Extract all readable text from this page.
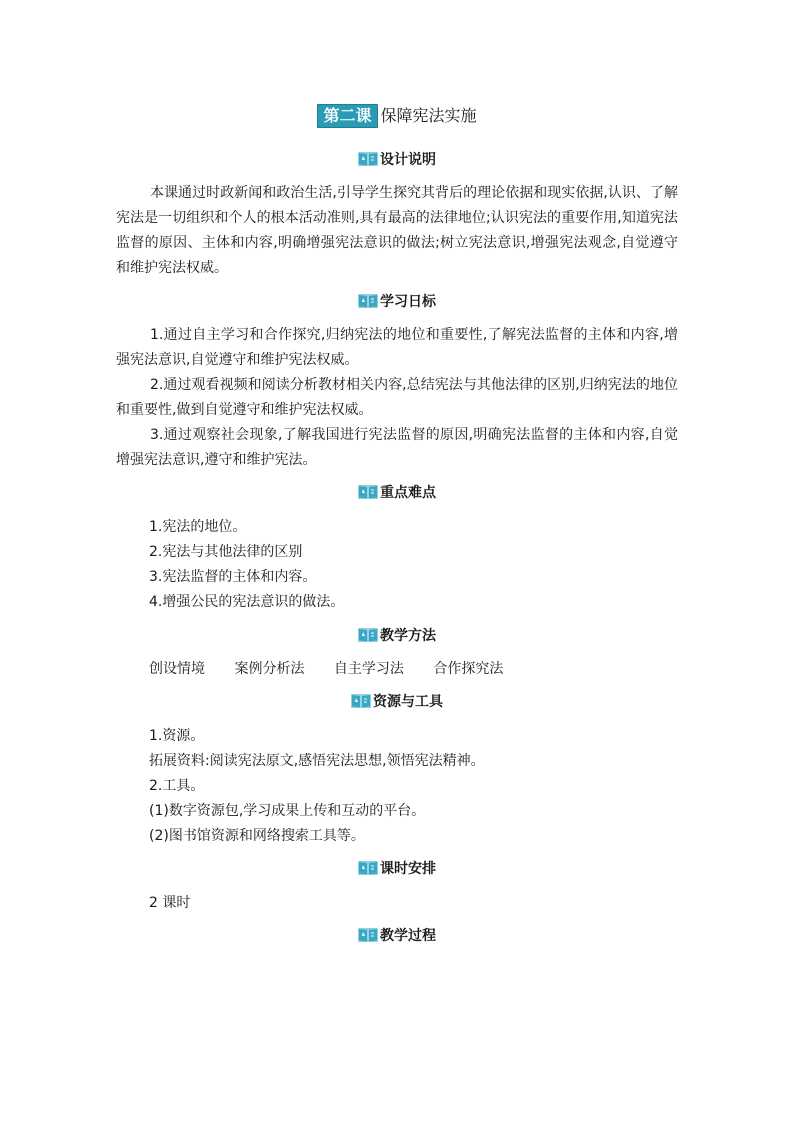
第二课 保障宪法实施
设计说明

本课通过时政新闻和政治生活,引导学生探究其背后的理论依据和现实依据,认识、了解宪法是一切组织和个人的根本活动准则,具有最高的法律地位;认识宪法的重要作用,知道宪法监督的原因、主体和内容,明确增强宪法意识的做法;树立宪法意识,增强宪法观念,自觉遵守和维护宪法权威。

学习日标

1.通过自主学习和合作探究,归纳宪法的地位和重要性,了解宪法监督的主体和内容,增强宪法意识,自觉遵守和维护宪法权威。

2.通过观看视频和阅读分析教材相关内容,总结宪法与其他法律的区别,归纳宪法的地位和重要性,做到自觉遵守和维护宪法权威。

3.通过观察社会现象,了解我国进行宪法监督的原因,明确宪法监督的主体和内容,自觉增强宪法意识,遵守和维护宪法。

重点难点
1.宪法的地位。
2.宪法与其他法律的区别
3.宪法监督的主体和内容。
4.增强公民的宪法意识的做法。
教学方法
创设情境 案例分析法 自主学习法 合作探究法
资源与工具
1.资源。
拓展资料:阅读宪法原文,感悟宪法思想,领悟宪法精神。
2.工具。
(1)数字资源包,学习成果上传和互动的平台。
(2)图书馆资源和网络搜索工具等。
课时安排
2 课时
教学过程
